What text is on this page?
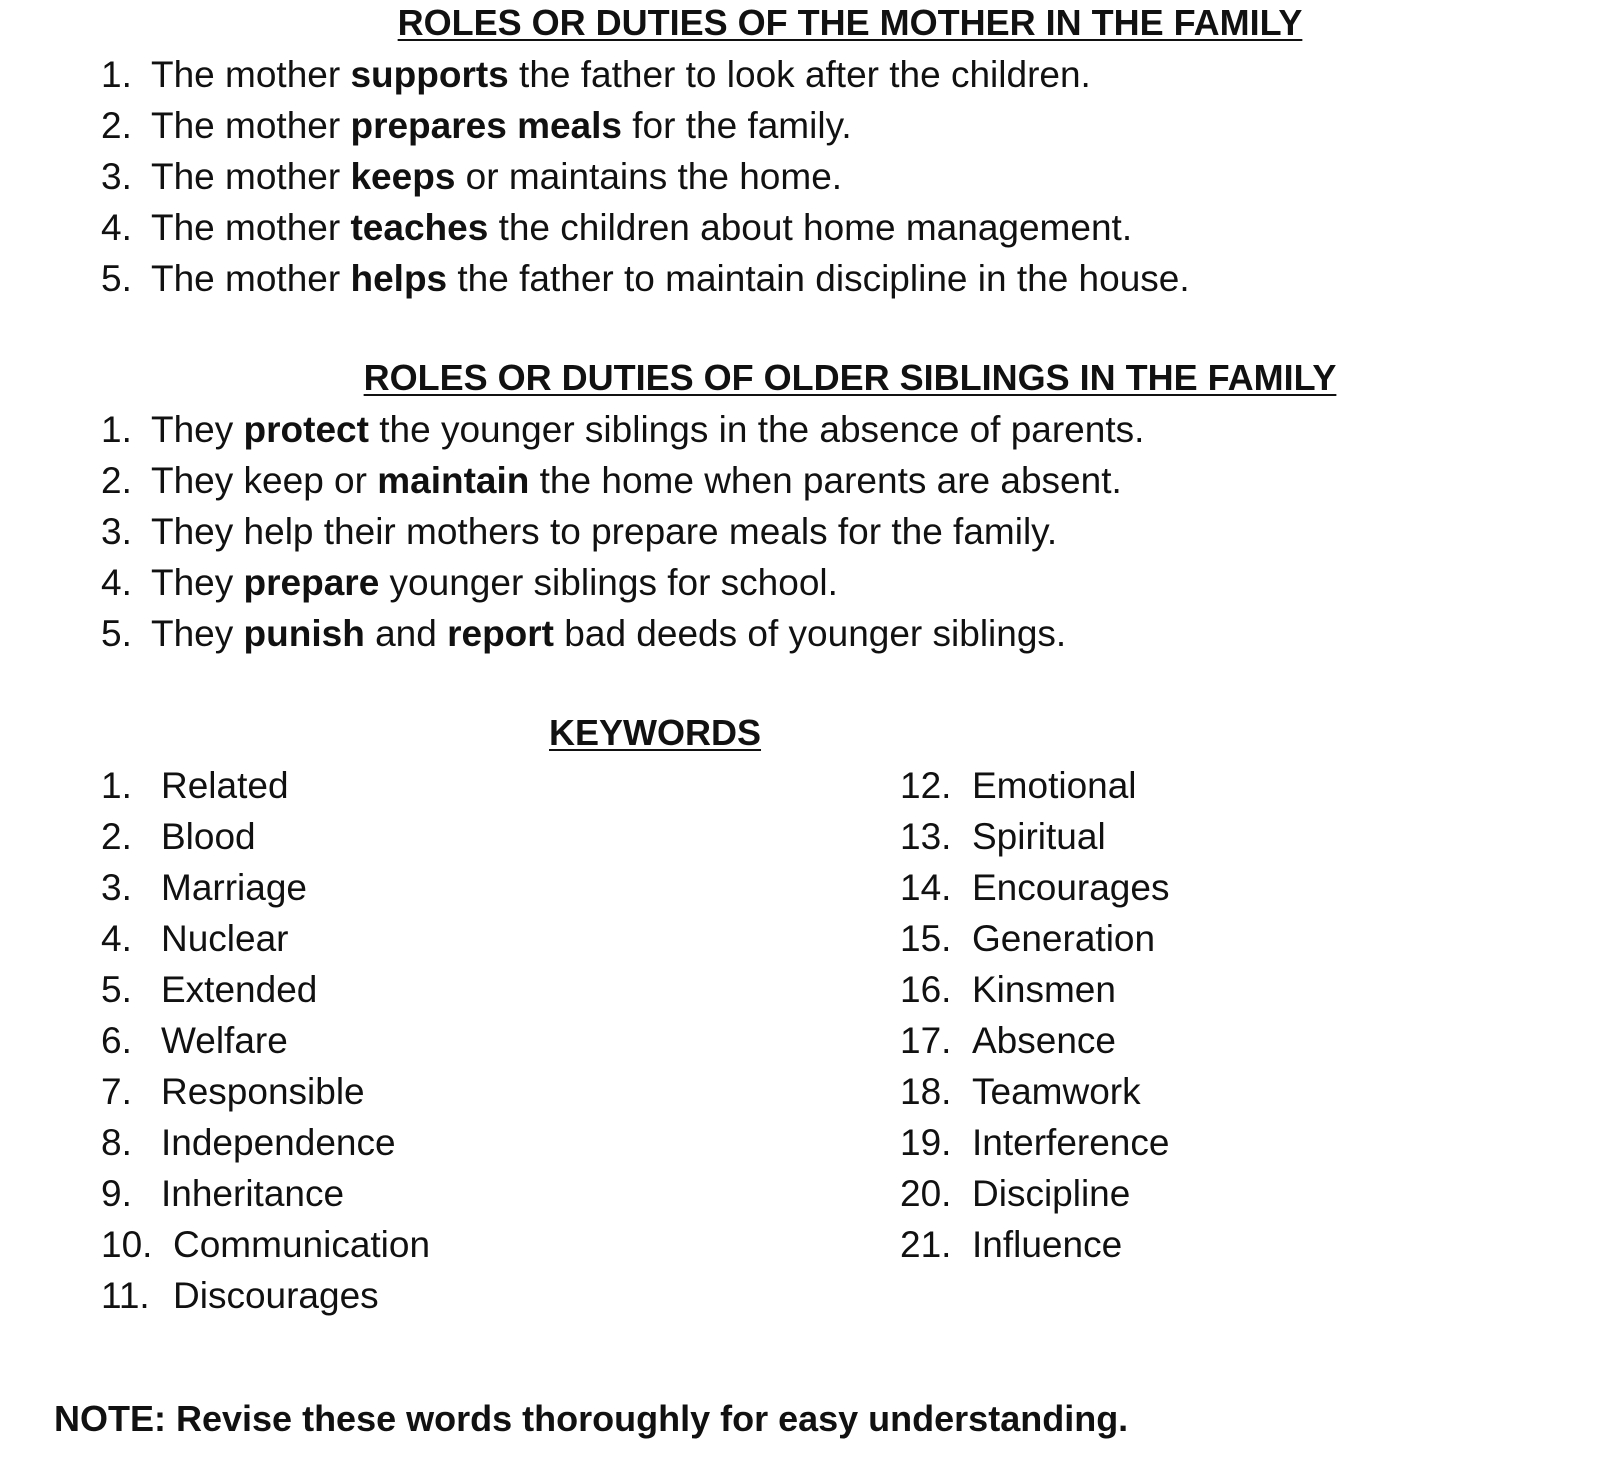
ROLES OR DUTIES OF THE MOTHER IN THE FAMILY
1. The mother supports the father to look after the children.
2. The mother prepares meals for the family.
3. The mother keeps or maintains the home.
4. The mother teaches the children about home management.
5. The mother helps the father to maintain discipline in the house.
ROLES OR DUTIES OF OLDER SIBLINGS IN THE FAMILY
1. They protect the younger siblings in the absence of parents.
2. They keep or maintain the home when parents are absent.
3. They help their mothers to prepare meals for the family.
4. They prepare younger siblings for school.
5. They punish and report bad deeds of younger siblings.
KEYWORDS
1. Related
2. Blood
3. Marriage
4. Nuclear
5. Extended
6. Welfare
7. Responsible
8. Independence
9. Inheritance
10. Communication
11. Discourages
12. Emotional
13. Spiritual
14. Encourages
15. Generation
16. Kinsmen
17. Absence
18. Teamwork
19. Interference
20. Discipline
21. Influence

NOTE: Revise these words thoroughly for easy understanding.
